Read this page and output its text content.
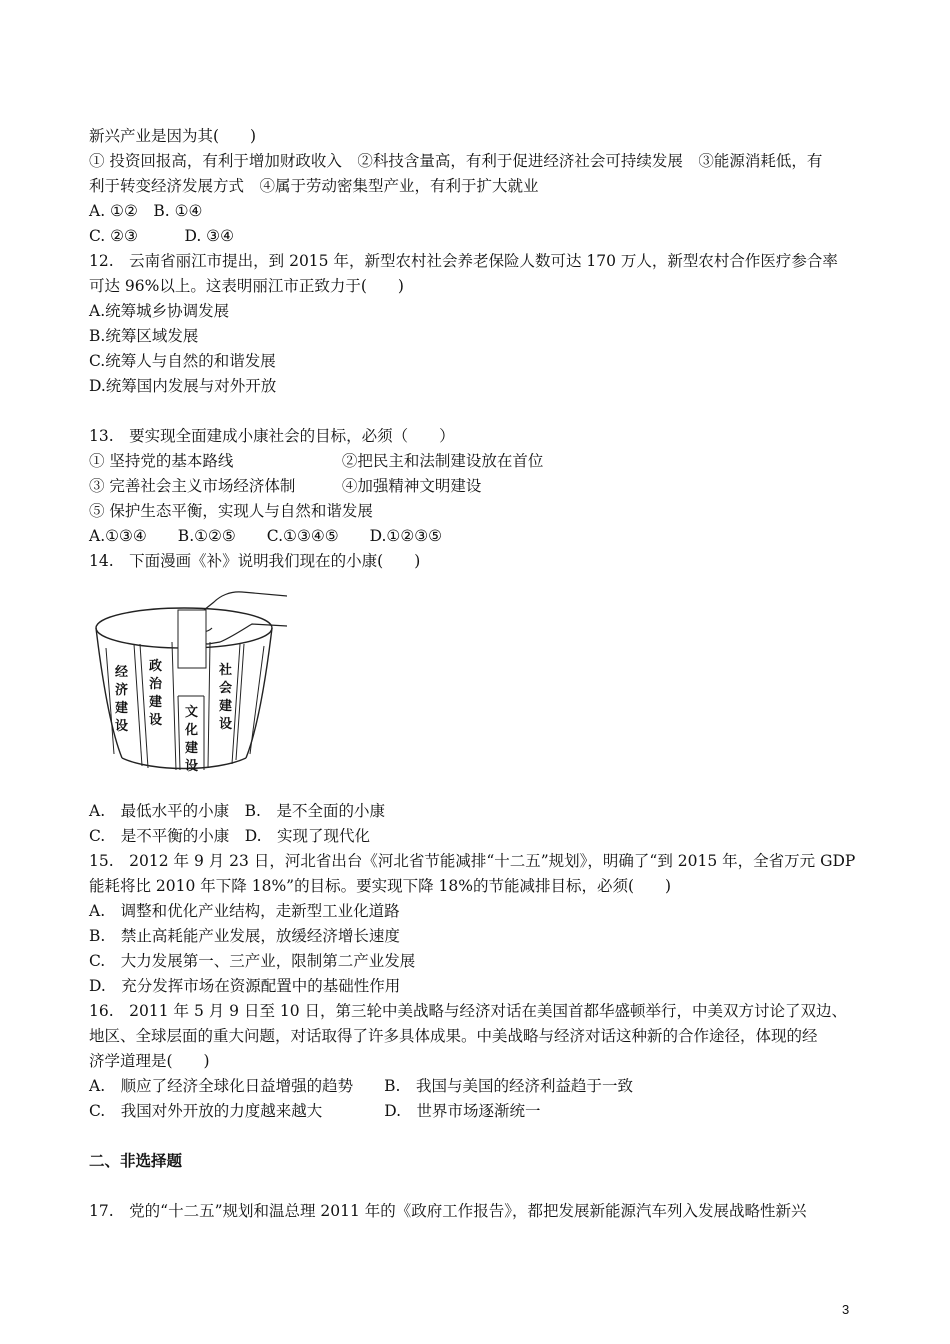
新兴产业是因为其(　　)
① 投资回报高，有利于增加财政收入　②科技含量高，有利于促进经济社会可持续发展　③能源消耗低，有
利于转变经济发展方式　④属于劳动密集型产业，有利于扩大就业
A. ①②　B. ①④
C. ②③　　　D. ③④
12.　云南省丽江市提出，到 2015 年，新型农村社会养老保险人数可达 170 万人，新型农村合作医疗参合率
可达 96%以上。这表明丽江市正致力于(　　)
A.统筹城乡协调发展
B.统筹区域发展
C.统筹人与自然的和谐发展
D.统筹国内发展与对外开放
13.　要实现全面建成小康社会的目标，必须（　　）
① 坚持党的基本路线　　　　　　　②把民主和法制建设放在首位
③ 完善社会主义市场经济体制　　　④加强精神文明建设
⑤ 保护生态平衡，实现人与自然和谐发展
A.①③④　　B.①②⑤　　C.①③④⑤　　D.①②③⑤
14.　下面漫画《补》说明我们现在的小康(　　)
经济建设
政治建设
文化建设
社会建设
A.　最低水平的小康　B.　是不全面的小康
C.　是不平衡的小康　D.　实现了现代化
15.　2012 年 9 月 23 日，河北省出台《河北省节能减排“十二五”规划》，明确了“到 2015 年，全省万元 GDP
能耗将比 2010 年下降 18%”的目标。要实现下降 18%的节能减排目标，必须(　　)
A.　调整和优化产业结构，走新型工业化道路
B.　禁止高耗能产业发展，放缓经济增长速度
C.　大力发展第一、三产业，限制第二产业发展
D.　充分发挥市场在资源配置中的基础性作用
16.　2011 年 5 月 9 日至 10 日，第三轮中美战略与经济对话在美国首都华盛顿举行，中美双方讨论了双边、
地区、全球层面的重大问题，对话取得了许多具体成果。中美战略与经济对话这种新的合作途径，体现的经
济学道理是(　　)
A.　顺应了经济全球化日益增强的趋势　　B.　我国与美国的经济利益趋于一致
C.　我国对外开放的力度越来越大　　　　D.　世界市场逐渐统一
二、非选择题
17.　党的“十二五”规划和温总理 2011 年的《政府工作报告》，都把发展新能源汽车列入发展战略性新兴
3
